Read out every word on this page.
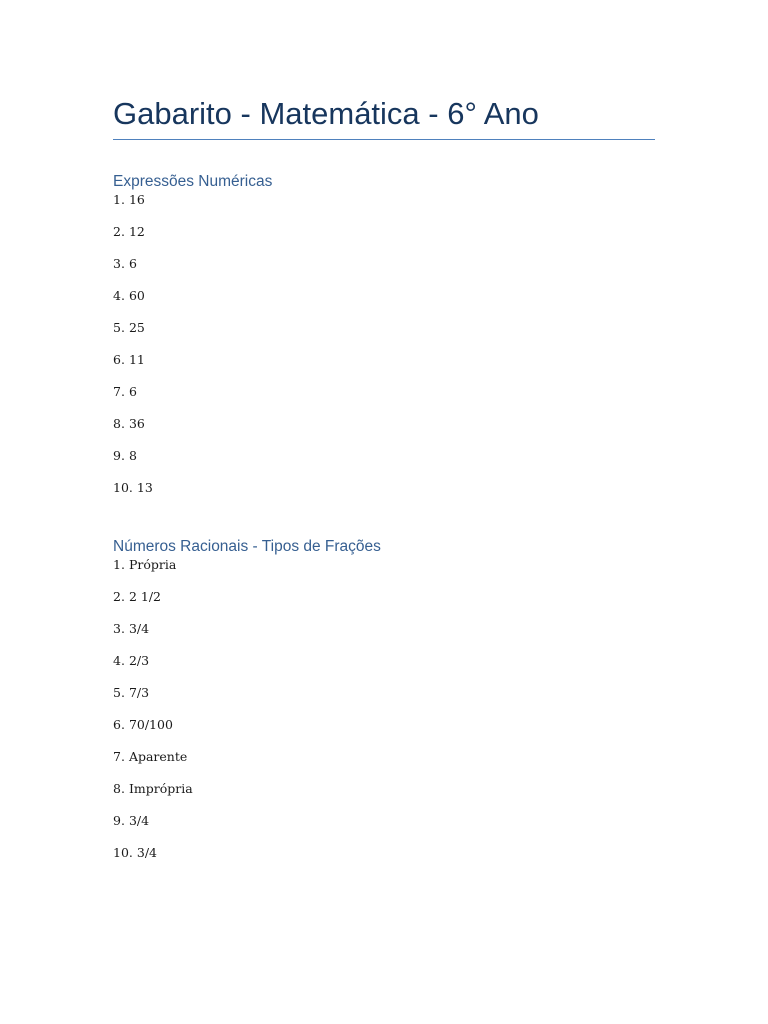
Gabarito - Matemática - 6° Ano
Expressões Numéricas
1. 16
2. 12
3. 6
4. 60
5. 25
6. 11
7. 6
8. 36
9. 8
10. 13
Números Racionais - Tipos de Frações
1. Própria
2. 2 1/2
3. 3/4
4. 2/3
5. 7/3
6. 70/100
7. Aparente
8. Imprópria
9. 3/4
10. 3/4
